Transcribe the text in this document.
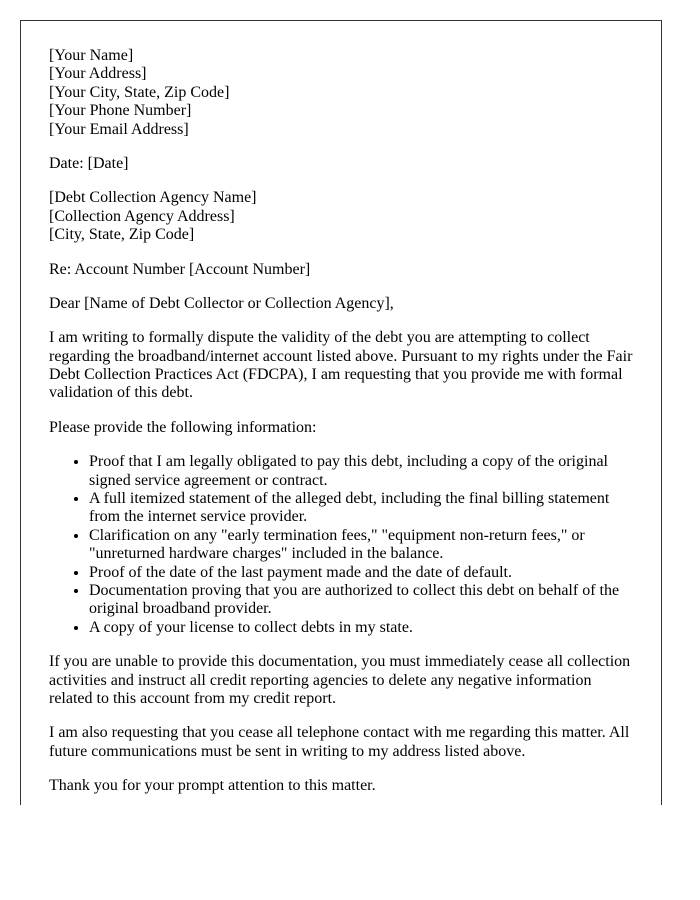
[Your Name]
[Your Address]
[Your City, State, Zip Code]
[Your Phone Number]
[Your Email Address]

Date: [Date]

[Debt Collection Agency Name]
[Collection Agency Address]
[City, State, Zip Code]

Re: Account Number [Account Number]

Dear [Name of Debt Collector or Collection Agency],

I am writing to formally dispute the validity of the debt you are attempting to collect regarding the broadband/internet account listed above. Pursuant to my rights under the Fair Debt Collection Practices Act (FDCPA), I am requesting that you provide me with formal validation of this debt.

Please provide the following information:

• Proof that I am legally obligated to pay this debt, including a copy of the original signed service agreement or contract.
• A full itemized statement of the alleged debt, including the final billing statement from the internet service provider.
• Clarification on any "early termination fees," "equipment non-return fees," or "unreturned hardware charges" included in the balance.
• Proof of the date of the last payment made and the date of default.
• Documentation proving that you are authorized to collect this debt on behalf of the original broadband provider.
• A copy of your license to collect debts in my state.

If you are unable to provide this documentation, you must immediately cease all collection activities and instruct all credit reporting agencies to delete any negative information related to this account from my credit report.

I am also requesting that you cease all telephone contact with me regarding this matter. All future communications must be sent in writing to my address listed above.

Thank you for your prompt attention to this matter.
